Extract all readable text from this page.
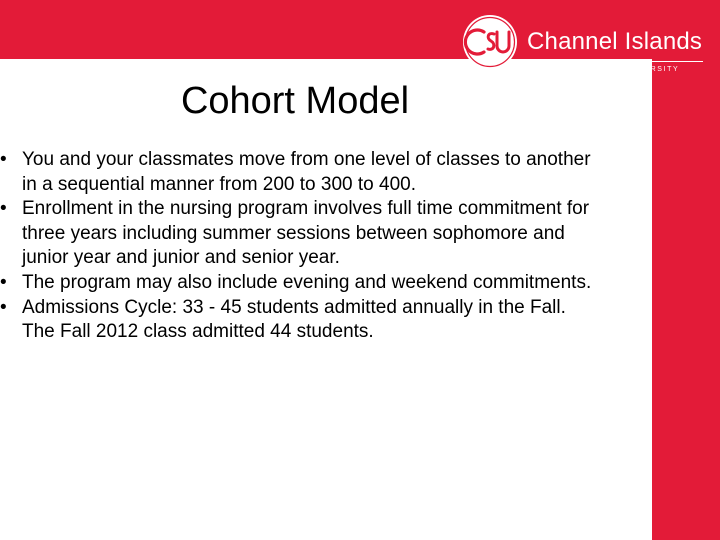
Channel Islands
CALIFORNIA STATE UNIVERSITY
Cohort Model
• You and your classmates move from one level of classes to another in a sequential manner from 200 to 300 to 400.
• Enrollment in the nursing program involves full time commitment for three years including summer sessions between sophomore and junior year and junior and senior year.
• The program may also include evening and weekend commitments.
• Admissions Cycle: 33 - 45 students admitted annually in the Fall. The Fall 2012 class admitted 44 students.
